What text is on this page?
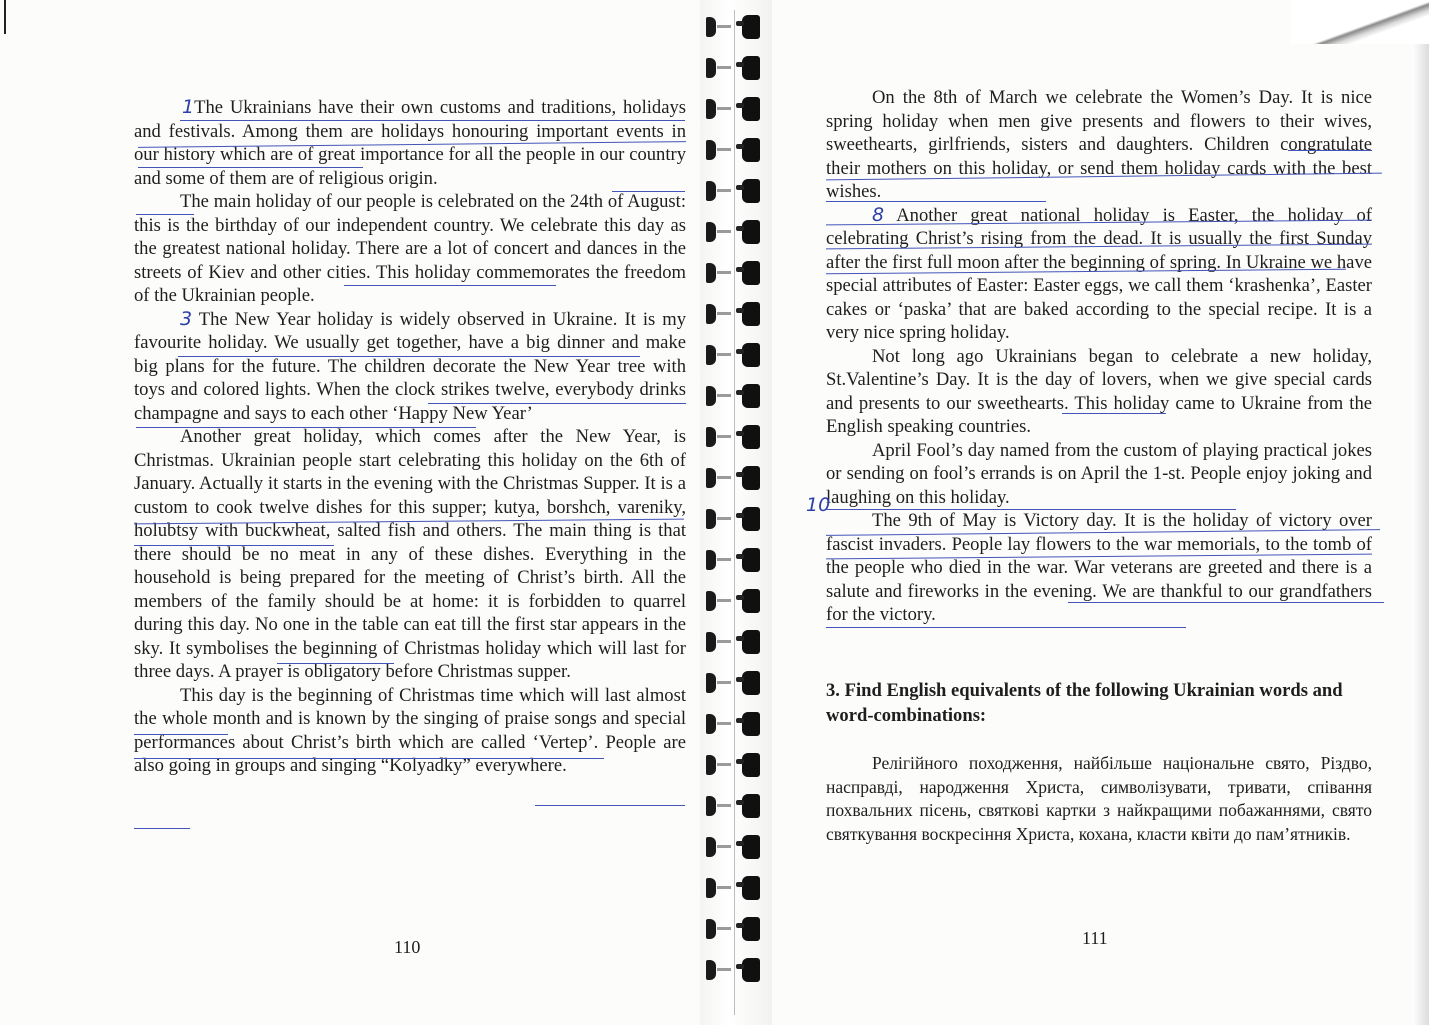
1The Ukrainians have their own customs and traditions, holidays and festivals. Among them are holidays honouring important events in our history which are of great importance for all the people in our country and some of them are of religious origin.

The main holiday of our people is celebrated on the 24th of August: this is the birthday of our independent country. We celebrate this day as the greatest national holiday. There are a lot of concert and dances in the streets of Kiev and other cities. This holiday commemorates the freedom of the Ukrainian people.

3 The New Year holiday is widely observed in Ukraine. It is my favourite holiday. We usually get together, have a big dinner and make big plans for the future. The children decorate the New Year tree with toys and colored lights. When the clock strikes twelve, everybody drinks champagne and says to each other ‘Happy New Year’

Another great holiday, which comes after the New Year, is Christmas. Ukrainian people start celebrating this holiday on the 6th of January. Actually it starts in the evening with the Christmas Supper. It is a custom to cook twelve dishes for this supper; kutya, borshch, vareniky, holubtsy with buckwheat, salted fish and others. The main thing is that there should be no meat in any of these dishes. Everything in the household is being prepared for the meeting of Christ’s birth. All the members of the family should be at home: it is forbidden to quarrel during this day. No one in the table can eat till the first star appears in the sky. It symbolises the beginning of Christmas holiday which will last for three days. A prayer is obligatory before Christmas supper.

This day is the beginning of Christmas time which will last almost the whole month and is known by the singing of praise songs and special performances about Christ’s birth which are called ‘Vertep’. People are also going in groups and singing “Kolyadky” everywhere.

On the 8th of March we celebrate the Women’s Day. It is nice spring holiday when men give presents and flowers to their wives, sweethearts, girlfriends, sisters and daughters. Children congratulate their mothers on this holiday, or send them holiday cards with the best wishes.

8 Another great national holiday is Easter, the holiday of celebrating Christ’s rising from the dead. It is usually the first Sunday after the first full moon after the beginning of spring. In Ukraine we have special attributes of Easter: Easter eggs, we call them ‘krashenka’, Easter cakes or ‘paska’ that are baked according to the special recipe. It is a very nice spring holiday.

Not long ago Ukrainians began to celebrate a new holiday, St.Valentine’s Day. It is the day of lovers, when we give special cards and presents to our sweethearts. This holiday came to Ukraine from the English speaking countries.

April Fool’s day named from the custom of playing practical jokes or sending on fool’s errands is on April the 1-st. People enjoy joking and laughing on this holiday.

The 9th of May is Victory day. It is the holiday of victory over fascist invaders. People lay flowers to the war memorials, to the tomb of the people who died in the war. War veterans are greeted and there is a salute and fireworks in the evening. We are thankful to our grandfathers for the victory.

3. Find English equivalents of the following Ukrainian words and word-combinations:
Релігійного походження, найбільше національне свято, Різдво, насправді, народження Христа, символізувати, тривати, співання похвальних пісень, святкові картки з найкращими побажаннями, свято святкування воскресіння Христа, кохана, класти квіти до пам’ятників.
110	111
10
